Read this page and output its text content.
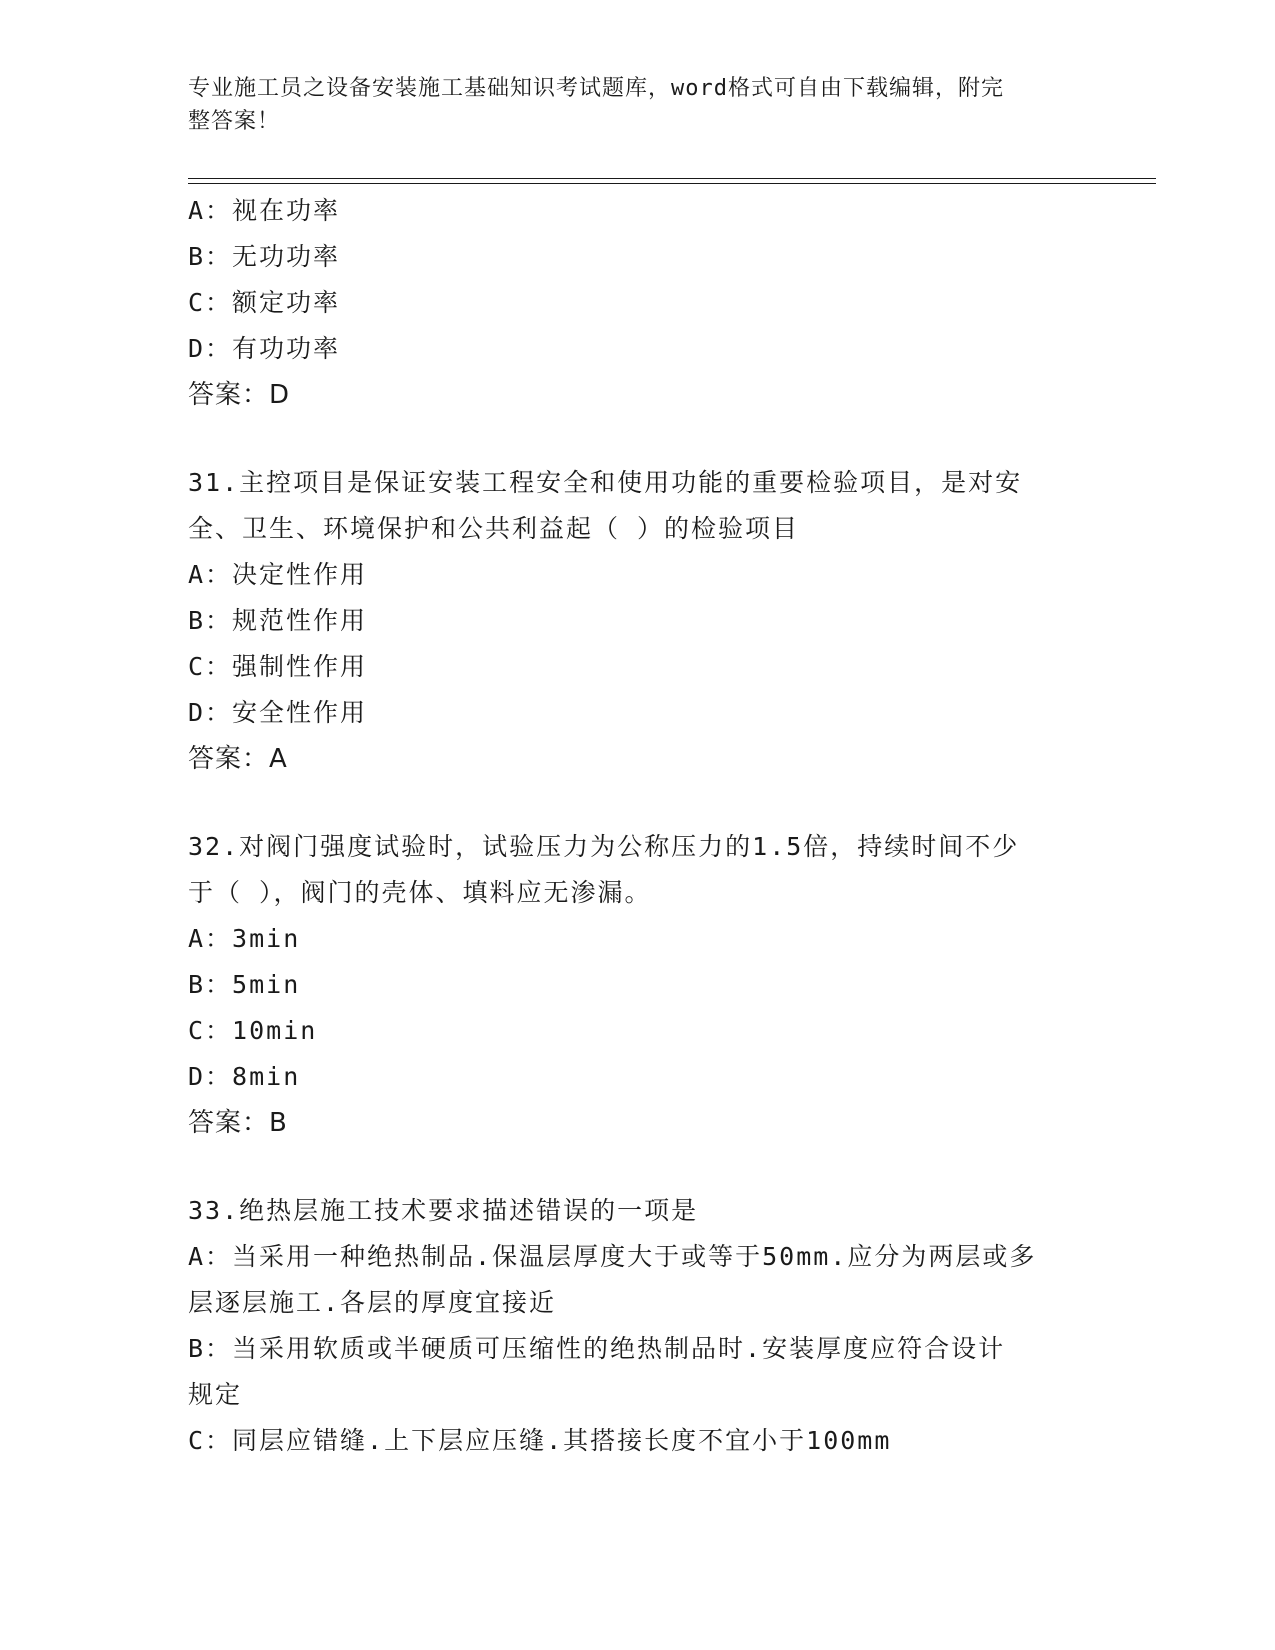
专业施工员之设备安装施工基础知识考试题库，word格式可自由下载编辑，附完
整答案！
A：视在功率
B：无功功率
C：额定功率
D：有功功率
答案：D
31.主控项目是保证安装工程安全和使用功能的重要检验项目，是对安
全、卫生、环境保护和公共利益起（ ）的检验项目
A：决定性作用
B：规范性作用
C：强制性作用
D：安全性作用
答案：A
32.对阀门强度试验时，试验压力为公称压力的1.5倍，持续时间不少
于（ ），阀门的壳体、填料应无渗漏。
A：3min
B：5min
C：10min
D：8min
答案：B
33.绝热层施工技术要求描述错误的一项是
A：当采用一种绝热制品.保温层厚度大于或等于50mm.应分为两层或多
层逐层施工.各层的厚度宜接近
B：当采用软质或半硬质可压缩性的绝热制品时.安装厚度应符合设计
规定
C：同层应错缝.上下层应压缝.其搭接长度不宜小于100mm
